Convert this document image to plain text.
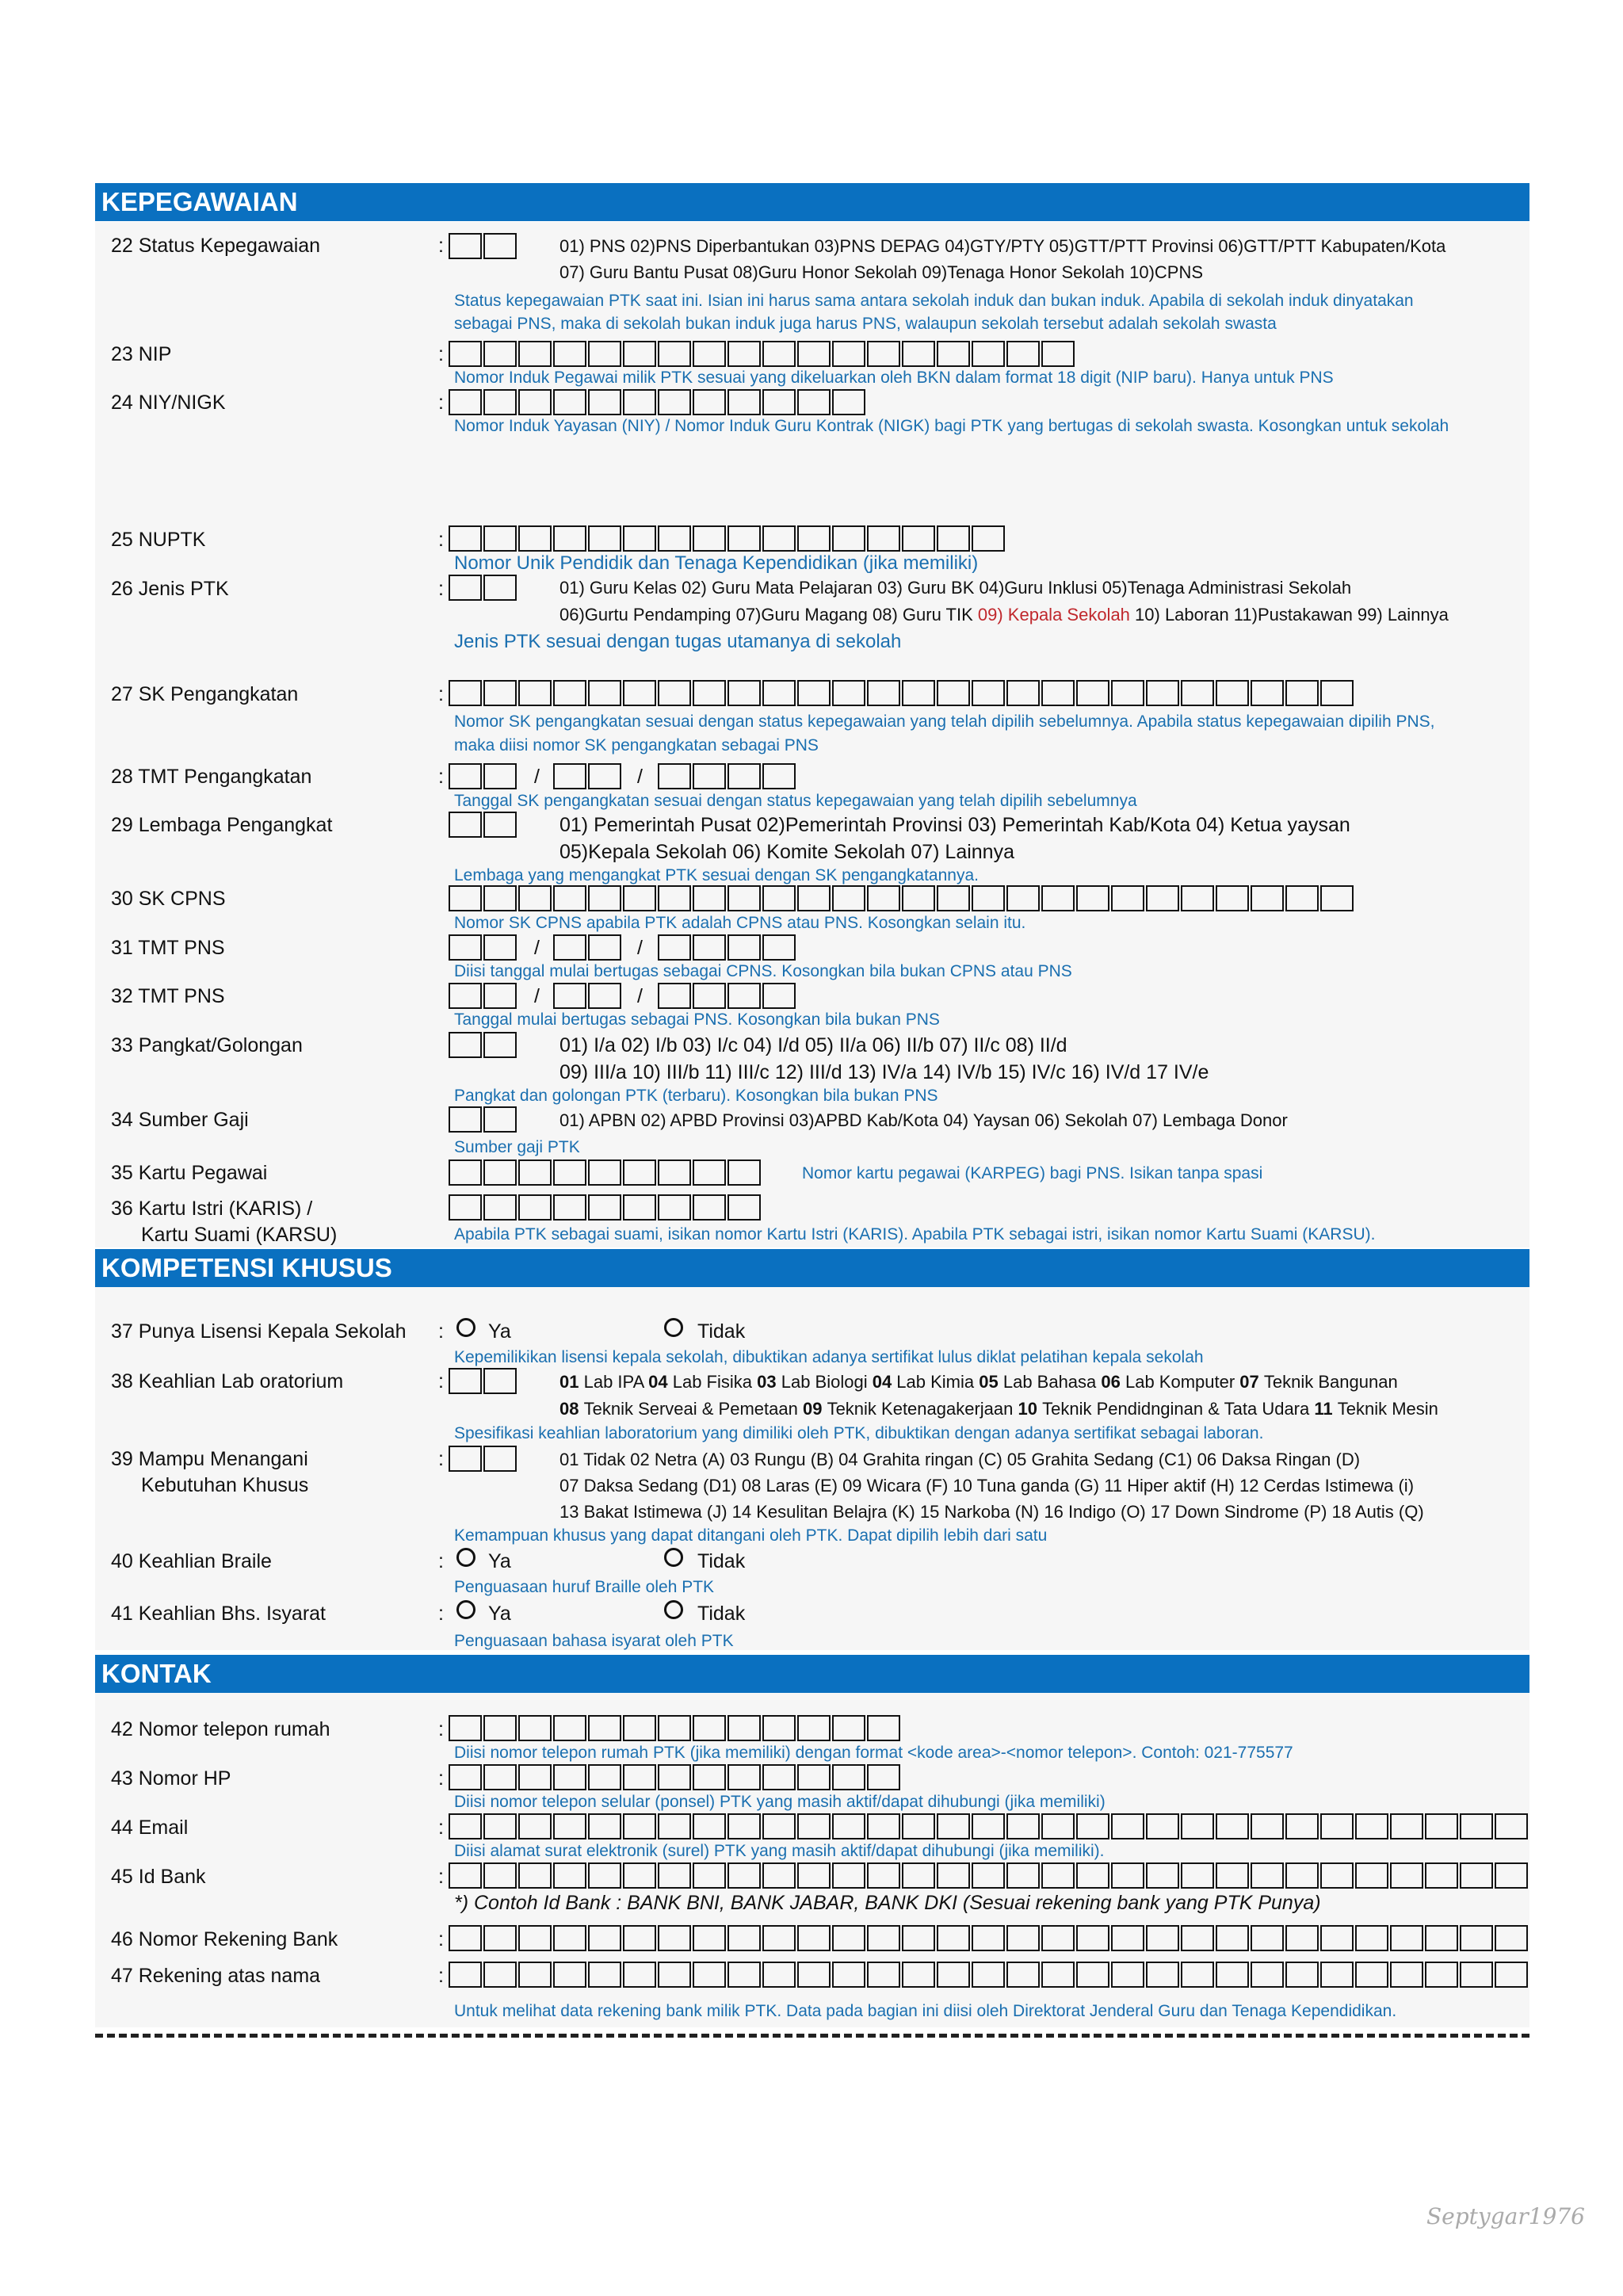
KEPEGAWAIAN
22 Status Kepegawaian	:	01) PNS 02)PNS Diperbantukan 03)PNS DEPAG 04)GTY/PTY 05)GTT/PTT Provinsi 06)GTT/PTT Kabupaten/Kota
07) Guru Bantu Pusat 08)Guru Honor Sekolah 09)Tenaga Honor Sekolah 10)CPNS
Status kepegawaian PTK saat ini. Isian ini harus sama antara sekolah induk dan bukan induk. Apabila di sekolah induk dinyatakan
sebagai PNS, maka di sekolah bukan induk juga harus PNS, walaupun sekolah tersebut adalah sekolah swasta
23 NIP	:
Nomor Induk Pegawai milik PTK sesuai yang dikeluarkan oleh BKN dalam format 18 digit (NIP baru). Hanya untuk PNS
24 NIY/NIGK	:
Nomor Induk Yayasan (NIY) / Nomor Induk Guru Kontrak (NIGK) bagi PTK yang bertugas di sekolah swasta. Kosongkan untuk sekolah
25 NUPTK	:
Nomor Unik Pendidik dan Tenaga Kependidikan (jika memiliki)
26 Jenis PTK	:	01) Guru Kelas 02) Guru Mata Pelajaran 03) Guru BK 04)Guru Inklusi 05)Tenaga Administrasi Sekolah
06)Gurtu Pendamping 07)Guru Magang 08) Guru TIK 09) Kepala Sekolah 10) Laboran 11)Pustakawan 99) Lainnya
Jenis PTK sesuai dengan tugas utamanya di sekolah
27 SK Pengangkatan	:
Nomor SK pengangkatan sesuai dengan status kepegawaian yang telah dipilih sebelumnya. Apabila status kepegawaian dipilih PNS,
maka diisi nomor SK pengangkatan sebagai PNS
28 TMT Pengangkatan	:	/	/
Tanggal SK pengangkatan sesuai dengan status kepegawaian yang telah dipilih sebelumnya
29 Lembaga Pengangkat	01) Pemerintah Pusat 02)Pemerintah Provinsi 03) Pemerintah Kab/Kota 04) Ketua yaysan
05)Kepala Sekolah 06) Komite Sekolah 07) Lainnya
Lembaga yang mengangkat PTK sesuai dengan SK pengangkatannya.
30 SK CPNS
Nomor SK CPNS apabila PTK adalah CPNS atau PNS. Kosongkan selain itu.
31 TMT PNS	/	/
Diisi tanggal mulai bertugas sebagai CPNS. Kosongkan bila bukan CPNS atau PNS
32 TMT PNS	/	/
Tanggal mulai bertugas sebagai PNS. Kosongkan bila bukan PNS
33 Pangkat/Golongan	01) I/a 02) I/b 03) I/c 04) I/d 05) II/a 06) II/b 07) II/c 08) II/d
09) III/a 10) III/b 11) III/c 12) III/d 13) IV/a 14) IV/b 15) IV/c 16) IV/d 17 IV/e
Pangkat dan golongan PTK (terbaru). Kosongkan bila bukan PNS
34 Sumber Gaji	01) APBN 02) APBD Provinsi 03)APBD Kab/Kota 04) Yaysan 06) Sekolah 07) Lembaga Donor
Sumber gaji PTK
35 Kartu Pegawai	Nomor kartu pegawai (KARPEG) bagi PNS. Isikan tanpa spasi
36 Kartu Istri (KARIS) /
Kartu Suami (KARSU)	Apabila PTK sebagai suami, isikan nomor Kartu Istri (KARIS). Apabila PTK sebagai istri, isikan nomor Kartu Suami (KARSU).
KOMPETENSI KHUSUS
37 Punya Lisensi Kepala Sekolah : Ya	Tidak
Kepemilikikan lisensi kepala sekolah, dibuktikan adanya sertifikat lulus diklat pelatihan kepala sekolah
38 Keahlian Lab oratorium	:	01 Lab IPA 04 Lab Fisika 03 Lab Biologi 04 Lab Kimia 05 Lab Bahasa 06 Lab Komputer 07 Teknik Bangunan
08 Teknik Serveai & Pemetaan 09 Teknik Ketenagakerjaan 10 Teknik Pendidnginan & Tata Udara 11 Teknik Mesin
Spesifikasi keahlian laboratorium yang dimiliki oleh PTK, dibuktikan dengan adanya sertifikat sebagai laboran.
39 Mampu Menangani
Kebutuhan Khusus
:	01 Tidak 02 Netra (A) 03 Rungu (B) 04 Grahita ringan (C) 05 Grahita Sedang (C1) 06 Daksa Ringan (D)
07 Daksa Sedang (D1) 08 Laras (E) 09 Wicara (F) 10 Tuna ganda (G) 11 Hiper aktif (H) 12 Cerdas Istimewa (i)
13 Bakat Istimewa (J) 14 Kesulitan Belajra (K) 15 Narkoba (N) 16 Indigo (O) 17 Down Sindrome (P) 18 Autis (Q)
Kemampuan khusus yang dapat ditangani oleh PTK. Dapat dipilih lebih dari satu
40 Keahlian Braile	: Ya	Tidak
Penguasaan huruf Braille oleh PTK
41 Keahlian Bhs. Isyarat	: Ya	Tidak
Penguasaan bahasa isyarat oleh PTK
KONTAK
42 Nomor telepon rumah	:
Diisi nomor telepon rumah PTK (jika memiliki) dengan format <kode area>-<nomor telepon>. Contoh: 021-775577
43 Nomor HP	:
Diisi nomor telepon selular (ponsel) PTK yang masih aktif/dapat dihubungi (jika memiliki)
44 Email	:
Diisi alamat surat elektronik (surel) PTK yang masih aktif/dapat dihubungi (jika memiliki).
45 Id Bank	:
*) Contoh Id Bank : BANK BNI, BANK JABAR, BANK DKI (Sesuai rekening bank yang PTK Punya)
46 Nomor Rekening Bank	:
47 Rekening atas nama	:
Untuk melihat data rekening bank milik PTK. Data pada bagian ini diisi oleh Direktorat Jenderal Guru dan Tenaga Kependidikan.
Septygar1976
